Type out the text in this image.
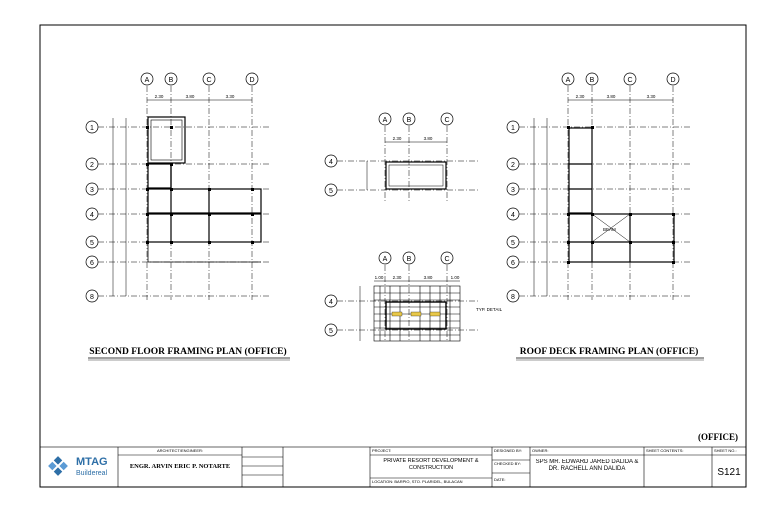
A	B	C	D
2.30	3.80	3.30
1
2
3
4
5
6
8
SECOND FLOOR FRAMING PLAN (OFFICE)
A	B	C
2.30	3.80
4
5
A	B	C
1.00 2.30	3.80	1.00
4
5
TYP. DETAIL
A	B	C	D
2.30	3.80	3.30
1
2
3
4
5
6
8
BEAM
ROOF DECK FRAMING PLAN (OFFICE)
(OFFICE)
MTAG
Buildereal
ARCHITECT/ENGINEER:	PROJECT:	OWNER:	SHEET CONTENTS:	SHEET NO.:
DESIGNED BY:
CHECKED BY:
DATE:
LOCATION: BARPIO, STO. PLARIDEL, BULACAN
ENGR. ARVIN ERIC P. NOTARTE
PRIVATE RESORT DEVELOPMENT & CONSTRUCTION
SPS MR. EDWARD JARED DALIDA & DR. RACHELL ANN DALIDA	S121
